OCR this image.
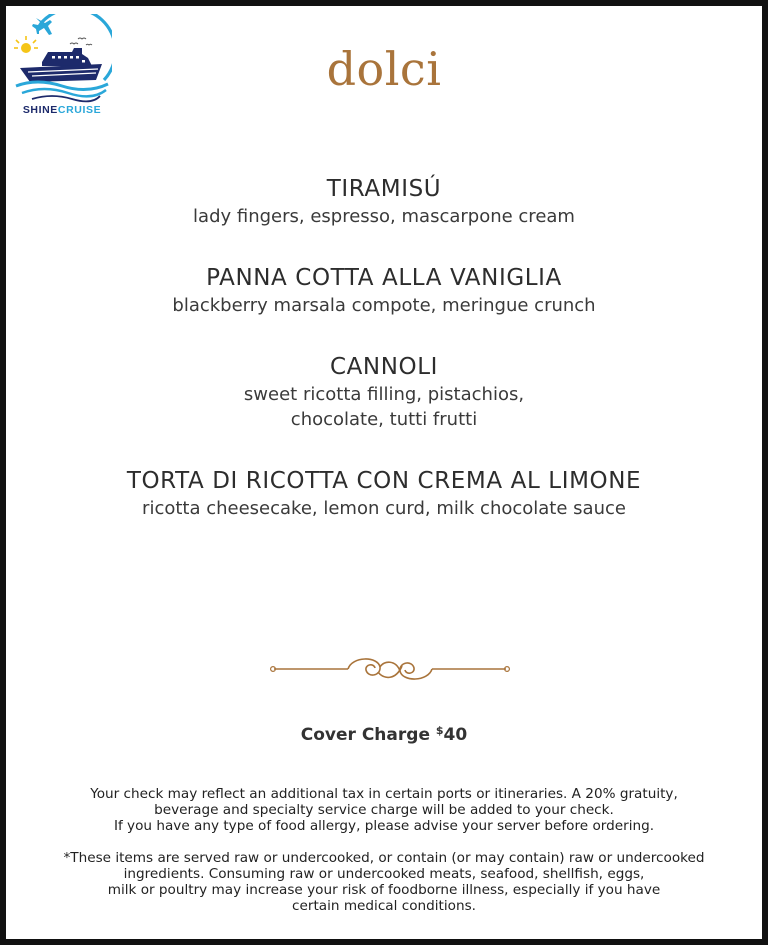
SHINECRUISE
dolci
TIRAMISÚ
lady fingers, espresso, mascarpone cream
PANNA COTTA ALLA VANIGLIA
blackberry marsala compote, meringue crunch
CANNOLI
sweet ricotta filling, pistachios,
chocolate, tutti frutti
TORTA DI RICOTTA CON CREMA AL LIMONE
ricotta cheesecake, lemon curd, milk chocolate sauce
Cover Charge $40

Your check may reflect an additional tax in certain ports or itineraries. A 20% gratuity,

beverage and specialty service charge will be added to your check.

If you have any type of food allergy, please advise your server before ordering.

*These items are served raw or undercooked, or contain (or may contain) raw or undercooked

ingredients. Consuming raw or undercooked meats, seafood, shellfish, eggs,

milk or poultry may increase your risk of foodborne illness, especially if you have

certain medical conditions.
